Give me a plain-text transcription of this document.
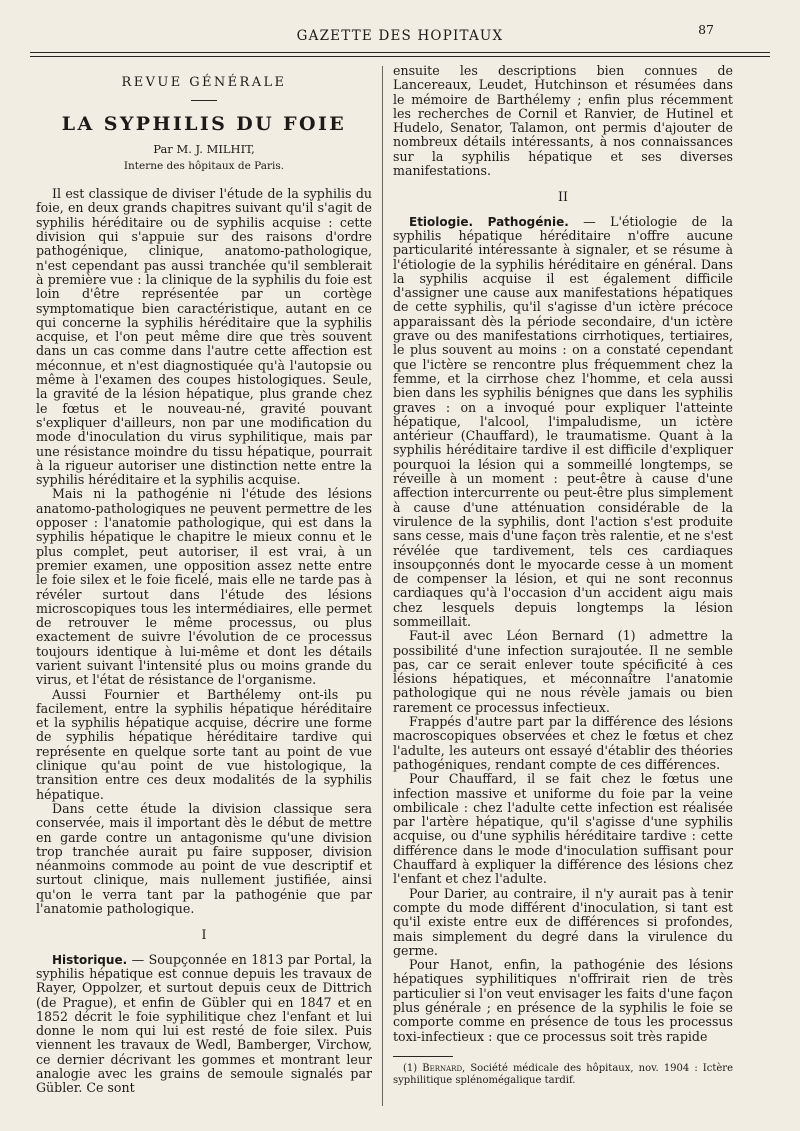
GAZETTE DES HOPITAUX	87
REVUE GÉNÉRALE
LA SYPHILIS DU FOIE
Par M. J. MILHIT,
Interne des hôpitaux de Paris.

Il est classique de diviser l'étude de la syphilis du foie, en deux grands chapitres suivant qu'il s'agit de syphilis héréditaire ou de syphilis acquise : cette division qui s'appuie sur des raisons d'ordre pathogénique, clinique, anatomo-pathologique, n'est cependant pas aussi tranchée qu'il semblerait à première vue : la clinique de la syphilis du foie est loin d'être représentée par un cortège symptomatique bien caractéristique, autant en ce qui concerne la syphilis héréditaire que la syphilis acquise, et l'on peut même dire que très souvent dans un cas comme dans l'autre cette affection est méconnue, et n'est diagnostiquée qu'à l'autopsie ou même à l'examen des coupes histologiques. Seule, la gravité de la lésion hépatique, plus grande chez le fœtus et le nouveau-né, gravité pouvant s'expliquer d'ailleurs, non par une modification du mode d'inoculation du virus syphilitique, mais par une résistance moindre du tissu hépatique, pourrait à la rigueur autoriser une distinction nette entre la syphilis héréditaire et la syphilis acquise.

Mais ni la pathogénie ni l'étude des lésions anatomo-pathologiques ne peuvent permettre de les opposer : l'anatomie pathologique, qui est dans la syphilis hépatique le chapitre le mieux connu et le plus complet, peut autoriser, il est vrai, à un premier examen, une opposition assez nette entre le foie silex et le foie ficelé, mais elle ne tarde pas à révéler surtout dans l'étude des lésions microscopiques tous les intermédiaires, elle permet de retrouver le même processus, ou plus exactement de suivre l'évolution de ce processus toujours identique à lui-même et dont les détails varient suivant l'intensité plus ou moins grande du virus, et l'état de résistance de l'organisme.

Aussi Fournier et Barthélemy ont-ils pu facilement, entre la syphilis hépatique héréditaire et la syphilis hépatique acquise, décrire une forme de syphilis hépatique héréditaire tardive qui représente en quelque sorte tant au point de vue clinique qu'au point de vue histologique, la transition entre ces deux modalités de la syphilis hépatique.

Dans cette étude la division classique sera conservée, mais il important dès le début de mettre en garde contre un antagonisme qu'une division trop tranchée aurait pu faire supposer, division néanmoins commode au point de vue descriptif et surtout clinique, mais nullement justifiée, ainsi qu'on le verra tant par la pathogénie que par l'anatomie pathologique.

I

Historique. — Soupçonnée en 1813 par Portal, la syphilis hépatique est connue depuis les travaux de Rayer, Oppolzer, et surtout depuis ceux de Dittrich (de Prague), et enfin de Gübler qui en 1847 et en 1852 décrit le foie syphilitique chez l'enfant et lui donne le nom qui lui est resté de foie silex. Puis viennent les travaux de Wedl, Bamberger, Virchow, ce dernier décrivant les gommes et montrant leur analogie avec les grains de semoule signalés par Gübler. Ce sont

ensuite les descriptions bien connues de Lancereaux, Leudet, Hutchinson et résumées dans le mémoire de Barthélemy ; enfin plus récemment les recherches de Cornil et Ranvier, de Hutinel et Hudelo, Senator, Talamon, ont permis d'ajouter de nombreux détails intéressants, à nos connaissances sur la syphilis hépatique et ses diverses manifestations.

II

Etiologie. Pathogénie. — L'étiologie de la syphilis hépatique héréditaire n'offre aucune particularité intéressante à signaler, et se résume à l'étiologie de la syphilis héréditaire en général. Dans la syphilis acquise il est également difficile d'assigner une cause aux manifestations hépatiques de cette syphilis, qu'il s'agisse d'un ictère précoce apparaissant dès la période secondaire, d'un ictère grave ou des manifestations cirrhotiques, tertiaires, le plus souvent au moins : on a constaté cependant que l'ictère se rencontre plus fréquemment chez la femme, et la cirrhose chez l'homme, et cela aussi bien dans les syphilis bénignes que dans les syphilis graves : on a invoqué pour expliquer l'atteinte hépatique, l'alcool, l'impaludisme, un ictère antérieur (Chauffard), le traumatisme. Quant à la syphilis héréditaire tardive il est difficile d'expliquer pourquoi la lésion qui a sommeillé longtemps, se réveille à un moment : peut-être à cause d'une affection intercurrente ou peut-être plus simplement à cause d'une atténuation considérable de la virulence de la syphilis, dont l'action s'est produite sans cesse, mais d'une façon très ralentie, et ne s'est révélée que tardivement, tels ces cardiaques insoupçonnés dont le myocarde cesse à un moment de compenser la lésion, et qui ne sont reconnus cardiaques qu'à l'occasion d'un accident aigu mais chez lesquels depuis longtemps la lésion sommeillait.

Faut-il avec Léon Bernard (1) admettre la possibilité d'une infection surajoutée. Il ne semble pas, car ce serait enlever toute spécificité à ces lésions hépatiques, et méconnaître l'anatomie pathologique qui ne nous révèle jamais ou bien rarement ce processus infectieux.

Frappés d'autre part par la différence des lésions macroscopiques observées et chez le fœtus et chez l'adulte, les auteurs ont essayé d'établir des théories pathogéniques, rendant compte de ces différences.

Pour Chauffard, il se fait chez le fœtus une infection massive et uniforme du foie par la veine ombilicale : chez l'adulte cette infection est réalisée par l'artère hépatique, qu'il s'agisse d'une syphilis acquise, ou d'une syphilis héréditaire tardive : cette différence dans le mode d'inoculation suffisant pour Chauffard à expliquer la différence des lésions chez l'enfant et chez l'adulte.

Pour Darier, au contraire, il n'y aurait pas à tenir compte du mode différent d'inoculation, si tant est qu'il existe entre eux de différences si profondes, mais simplement du degré dans la virulence du germe.

Pour Hanot, enfin, la pathogénie des lésions hépatiques syphilitiques n'offrirait rien de très particulier si l'on veut envisager les faits d'une façon plus générale ; en présence de la syphilis le foie se comporte comme en présence de tous les processus toxi-infectieux : que ce processus soit très rapide

(1) Bernard, Société médicale des hôpitaux, nov. 1904 : Ictère syphilitique splénomégalique tardif.
